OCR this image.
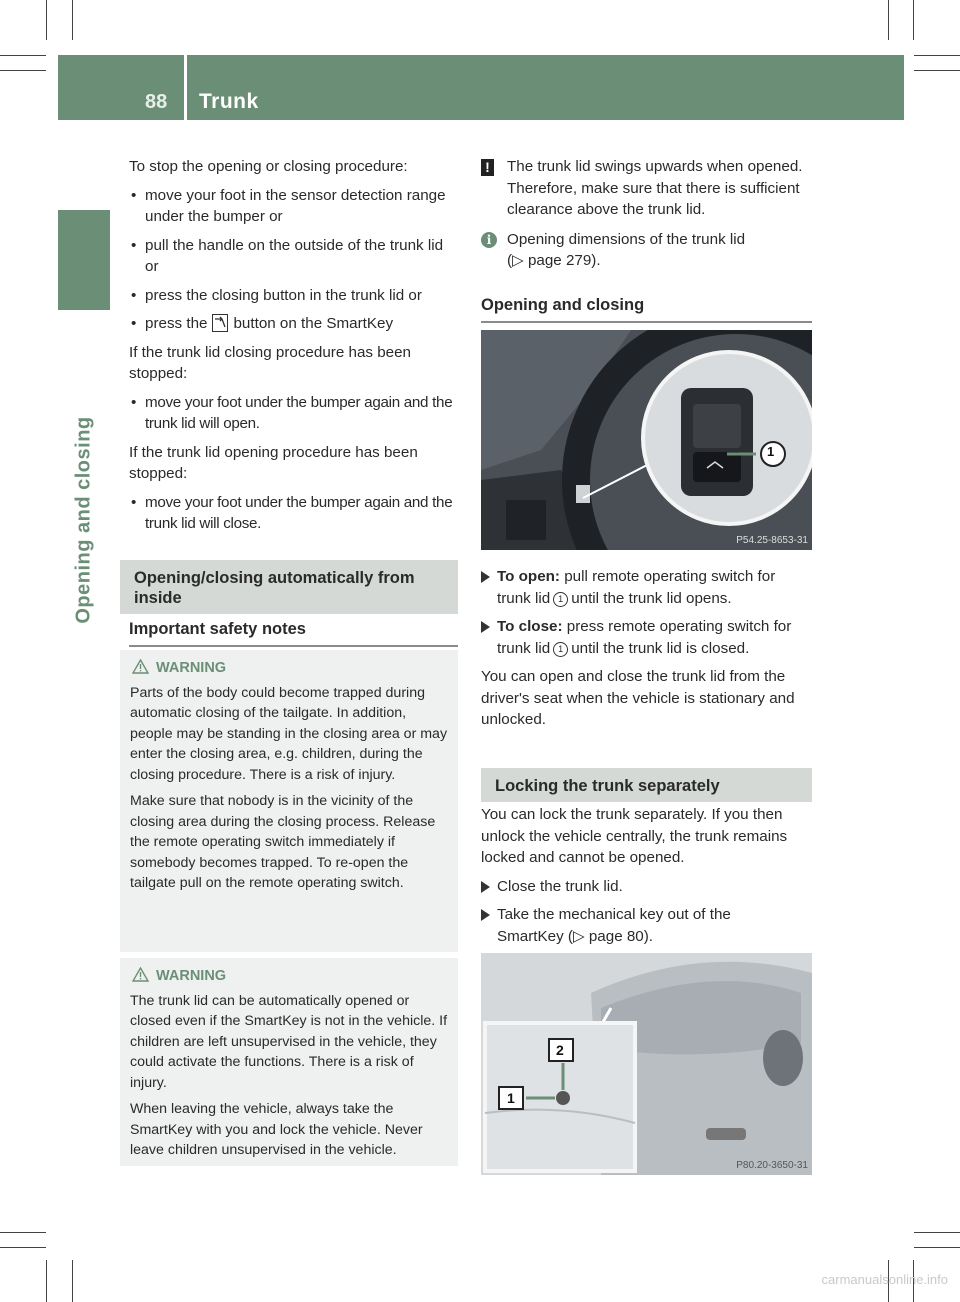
88 Trunk
Opening and closing

To stop the opening or closing procedure:

• move your foot in the sensor detection range under the bumper or
• pull the handle on the outside of the trunk lid or
• press the closing button in the trunk lid or
• press the button on the SmartKey

If the trunk lid closing procedure has been stopped:

• move your foot under the bumper again and the trunk lid will open.

If the trunk lid opening procedure has been stopped:

• move your foot under the bumper again and the trunk lid will close.
Opening/closing automatically from inside
Important safety notes
WARNING

Parts of the body could become trapped during automatic closing of the tailgate. In addition, people may be standing in the closing area or may enter the closing area, e.g. children, during the closing procedure. There is a risk of injury.

Make sure that nobody is in the vicinity of the closing area during the closing process. Release the remote operating switch immediately if somebody becomes trapped. To re-open the tailgate pull on the remote operating switch.

WARNING

The trunk lid can be automatically opened or closed even if the SmartKey is not in the vehicle. If children are left unsupervised in the vehicle, they could activate the functions. There is a risk of injury.

When leaving the vehicle, always take the SmartKey with you and lock the vehicle. Never leave children unsupervised in the vehicle.

! The trunk lid swings upwards when opened. Therefore, make sure that there is sufficient clearance above the trunk lid.
i	Opening dimensions of the trunk lid
(▷ page 279).
Opening and closing
1
P54.25-8653-31
To open: pull remote operating switch for trunk lid 1 until the trunk lid opens.
To close: press remote operating switch for trunk lid 1 until the trunk lid is closed.

You can open and close the trunk lid from the driver's seat when the vehicle is stationary and unlocked.

Locking the trunk separately

You can lock the trunk separately. If you then unlock the vehicle centrally, the trunk remains locked and cannot be opened.

Close the trunk lid.
Take the mechanical key out of the
SmartKey (▷ page 80).
2
1
P80.20-3650-31
carmanualsonline.info
